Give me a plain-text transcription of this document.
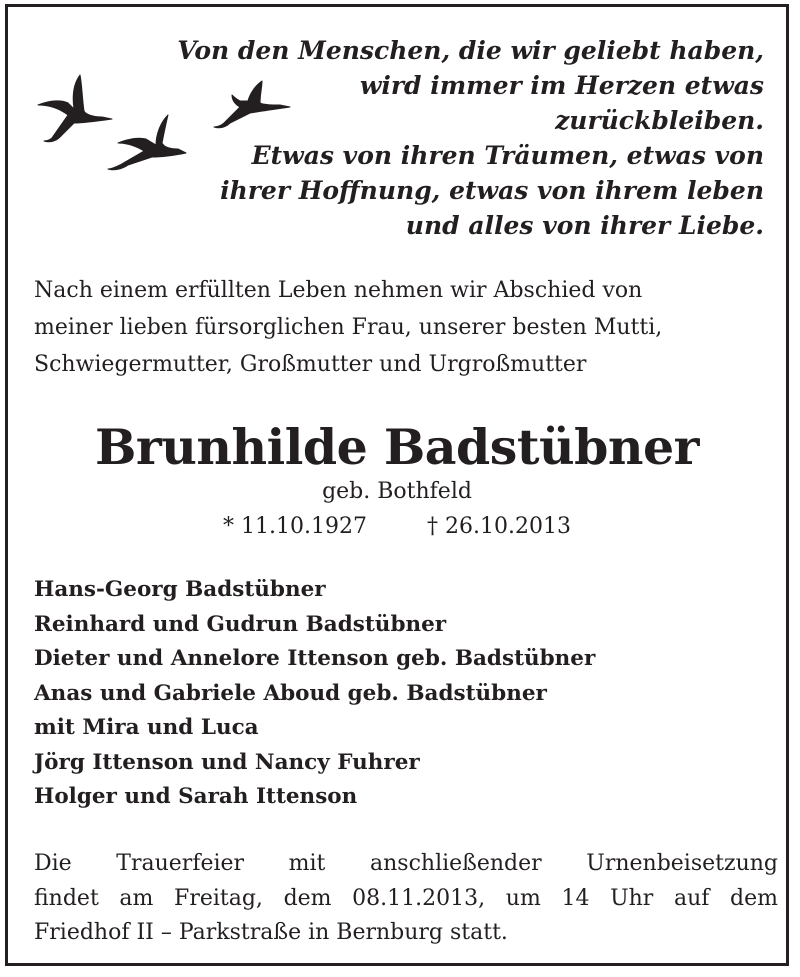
Von den Menschen, die wir geliebt haben,
wird immer im Herzen etwas
zurückbleiben.
Etwas von ihren Träumen, etwas von
ihrer Hoffnung, etwas von ihrem leben
und alles von ihrer Liebe.
Nach einem erfüllten Leben nehmen wir Abschied von
meiner lieben fürsorglichen Frau, unserer besten Mutti,
Schwiegermutter, Großmutter und Urgroßmutter
Brunhilde Badstübner
geb. Bothfeld
* 11.10.1927	† 26.10.2013
Hans-Georg Badstübner
Reinhard und Gudrun Badstübner
Dieter und Annelore Ittenson geb. Badstübner
Anas und Gabriele Aboud geb. Badstübner
mit Mira und Luca
Jörg Ittenson und Nancy Fuhrer
Holger und Sarah Ittenson
Die Trauerfeier mit anschließender Urnenbeisetzung
findet am Freitag, dem 08.11.2013, um 14 Uhr auf dem
Friedhof II – Parkstraße in Bernburg statt.
